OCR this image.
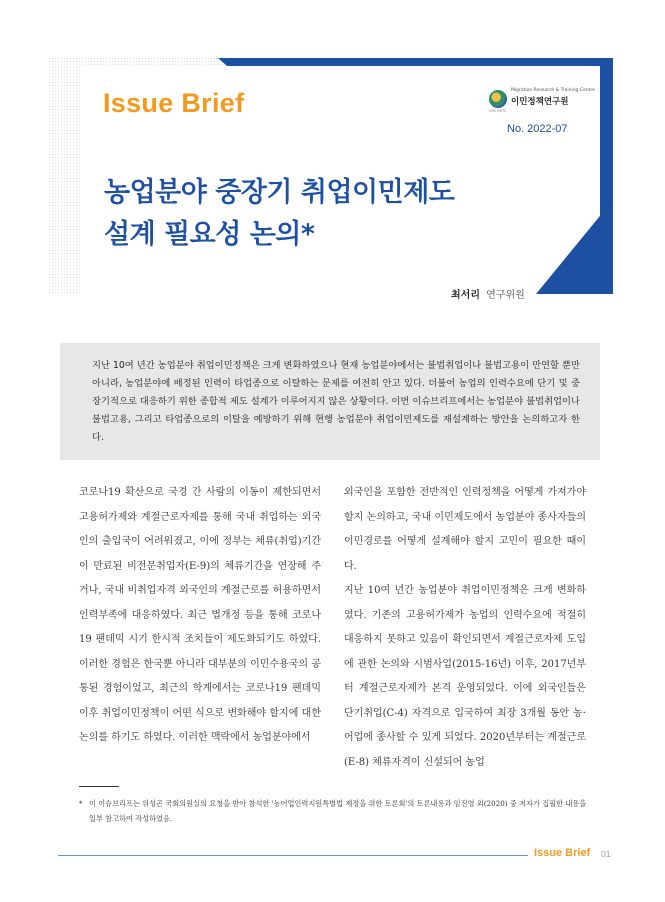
Issue Brief	Migration Research & Training Centre
이민정책연구원
IOM MRTC
No. 2022-07
농업분야 중장기 취업이민제도
설계 필요성 논의*
최서리 연구위원

지난 10여 년간 농업분야 취업이민정책은 크게 변화하였으나 현재 농업분야에서는 불법취업이나 불법고용이 만연할 뿐만 아니라, 농업분야에 배정된 인력이 타업종으로 이탈하는 문제를 여전히 안고 있다. 더불어 농업의 인력수요에 단기 및 중장기적으로 대응하기 위한 종합적 제도 설계가 이루어지지 않은 상황이다. 이번 이슈브리프에서는 농업분야 불법취업이나 불법고용, 그리고 타업종으로의 이탈을 예방하기 위해 현행 농업분야 취업이민제도를 재설계하는 방안을 논의하고자 한다.

코로나19 확산으로 국경 간 사람의 이동이 제한되면서 고용허가제와 계절근로자제를 통해 국내 취업하는 외국인의 출입국이 어려워졌고, 이에 정부는 체류(취업)기간이 만료된 비전문취업자(E-9)의 체류기간을 연장해 주거나, 국내 비취업자격 외국인의 계절근로를 허용하면서 인력부족에 대응하였다. 최근 법개정 등을 통해 코로나19 팬데믹 시기 한시적 조치들이 제도화되기도 하였다. 이러한 경험은 한국뿐 아니라 대부분의 이민수용국의 공통된 경험이었고, 최근의 학계에서는 코로나19 팬데믹 이후 취업이민정책이 어떤 식으로 변화해야 할지에 대한 논의를 하기도 하였다. 이러한 맥락에서 농업분야에서

외국인을 포함한 전반적인 인력정책을 어떻게 가져가야 할지 논의하고, 국내 이민제도에서 농업분야 종사자들의 이민경로를 어떻게 설계해야 할지 고민이 필요한 때이다.

지난 10여 년간 농업분야 취업이민정책은 크게 변화하였다. 기존의 고용허가제가 농업의 인력수요에 적절히 대응하지 못하고 있음이 확인되면서 계절근로자제 도입에 관한 논의와 시범사업(2015-16년) 이후, 2017년부터 계절근로자제가 본격 운영되었다. 이에 외국인들은 단기취업(C-4) 자격으로 입국하여 최장 3개월 동안 농·어업에 종사할 수 있게 되었다. 2020년부터는 계절근로(E-8) 체류자격이 신설되어 농업

* 이 이슈브리프는 위성곤 국회의원실의 요청을 받아 참석한 '농어업인력지원특별법 제정을 위한 토론회'의 토론내용과 임진영 외(2020) 중 저자가 집필한 내용을 일부 참고하여 작성하였음.
Issue Brief 01
